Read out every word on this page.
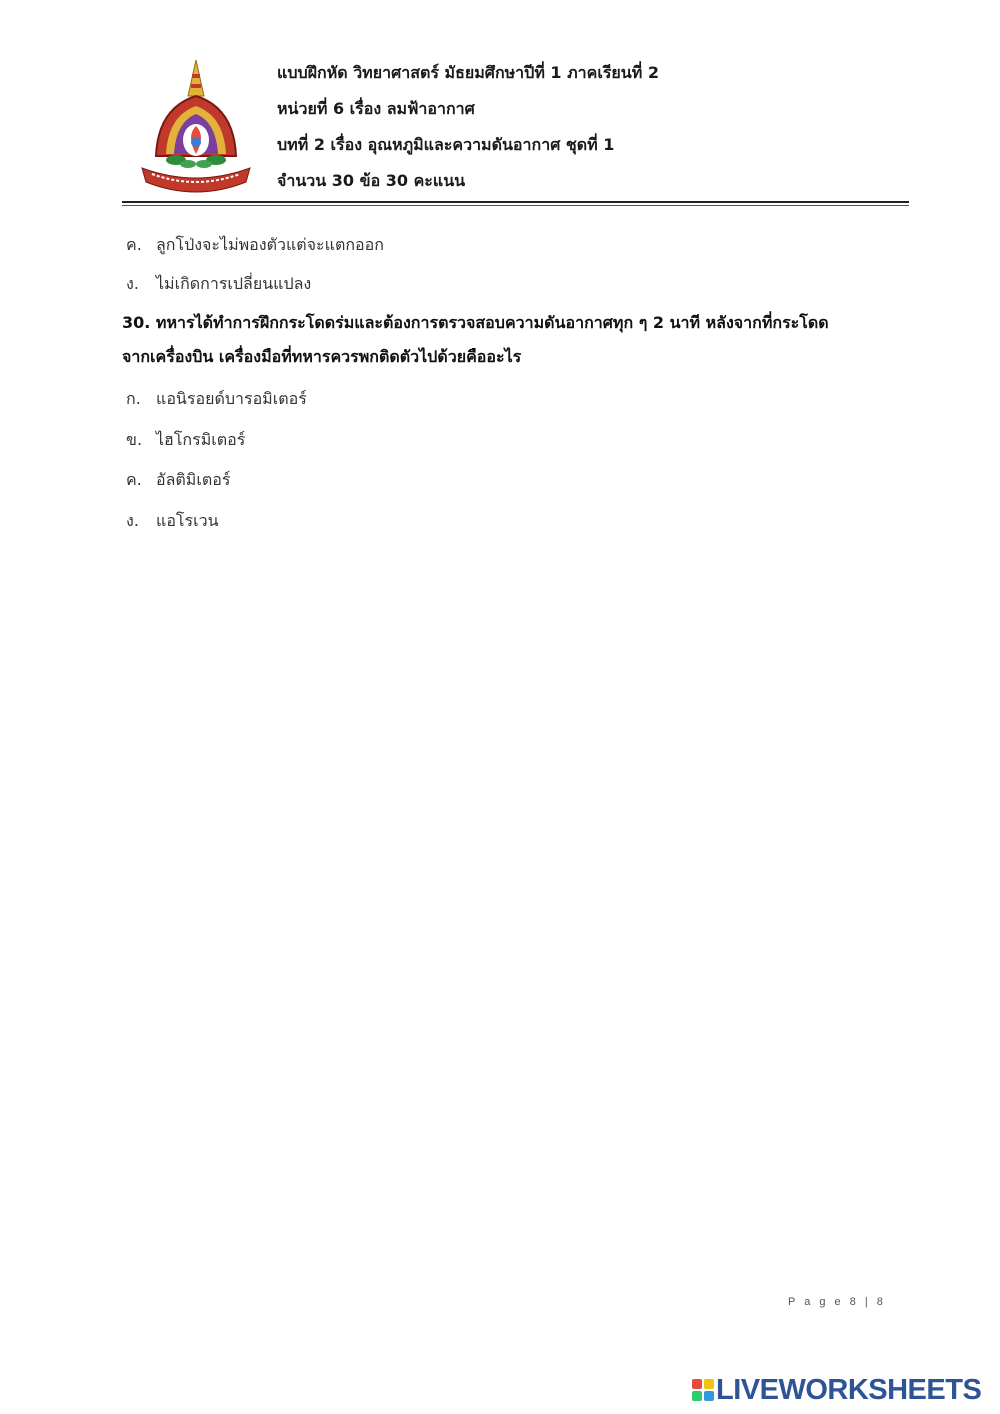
แบบฝึกหัด วิทยาศาสตร์ มัธยมศึกษาปีที่ 1 ภาคเรียนที่ 2
หน่วยที่ 6 เรื่อง ลมฟ้าอากาศ
บทที่ 2 เรื่อง อุณหภูมิและความดันอากาศ ชุดที่ 1
จำนวน 30 ข้อ 30 คะแนน
ค. ลูกโป่งจะไม่พองตัวแต่จะแตกออก
ง. ไม่เกิดการเปลี่ยนแปลง
30. ทหารได้ทำการฝึกกระโดดร่มและต้องการตรวจสอบความดันอากาศทุก ๆ 2 นาที หลังจากที่กระโดด
จากเครื่องบิน เครื่องมือที่ทหารควรพกติดตัวไปด้วยคืออะไร
ก. แอนิรอยด์บารอมิเตอร์
ข. ไฮโกรมิเตอร์
ค. อัลติมิเตอร์
ง. แอโรเวน
P a g e 8 | 8
LIVEWORKSHEETS
